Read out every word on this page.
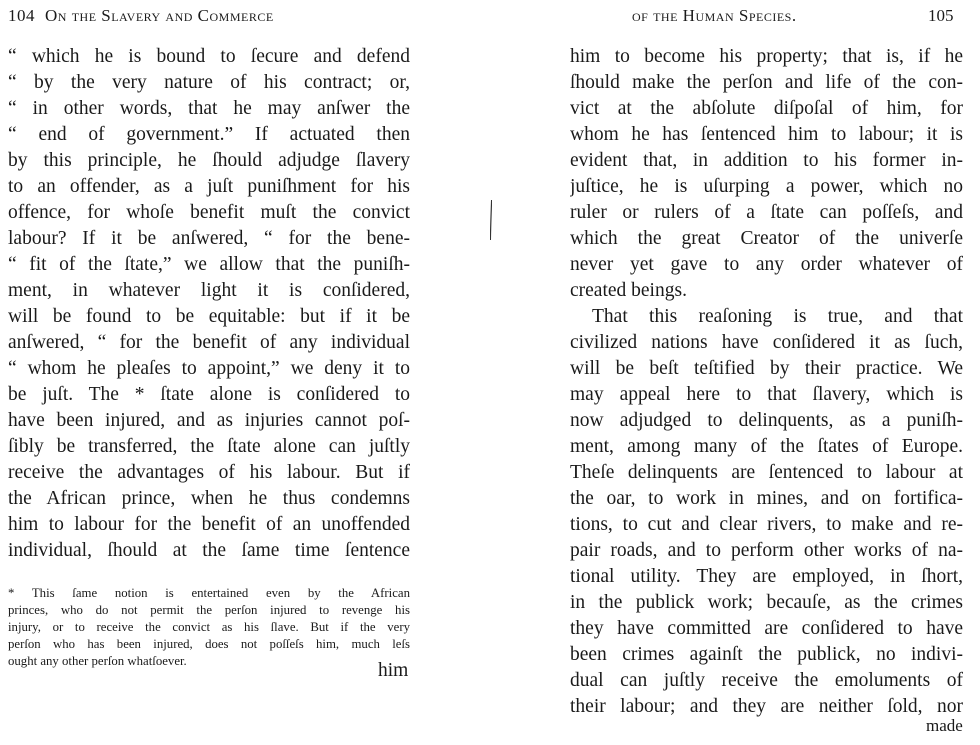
104 On the Slavery and Commerce
“ which he is bound to ſecure and defend
“ by the very nature of his contract; or,
“ in other words, that he may anſwer the
“ end of government.” If actuated then
by this principle, he ſhould adjudge ſlavery
to an offender, as a juſt puniſhment for his
offence, for whoſe benefit muſt the convict
labour? If it be anſwered, “ for the bene-
“ fit of the ſtate,” we allow that the puniſh-
ment, in whatever light it is conſidered,
will be found to be equitable: but if it be
anſwered, “ for the benefit of any individual
“ whom he pleaſes to appoint,” we deny it to
be juſt. The * ſtate alone is conſidered to
have been injured, and as injuries cannot poſ-
ſibly be transferred, the ſtate alone can juſtly
receive the advantages of his labour. But if
the African prince, when he thus condemns
him to labour for the benefit of an unoffended
individual, ſhould at the ſame time ſentence
* This ſame notion is entertained even by the African
princes, who do not permit the perſon injured to revenge his
injury, or to receive the convict as his ſlave. But if the very
perſon who has been injured, does not poſſeſs him, much leſs
ought any other perſon whatſoever.	him
of the Human Species.	105
him to become his property; that is, if he
ſhould make the perſon and life of the con-
vict at the abſolute diſpoſal of him, for
whom he has ſentenced him to labour; it is
evident that, in addition to his former in-
juſtice, he is uſurping a power, which no
ruler or rulers of a ſtate can poſſeſs, and
which the great Creator of the univerſe
never yet gave to any order whatever of
created beings.
That this reaſoning is true, and that
civilized nations have conſidered it as ſuch,
will be beſt teſtified by their practice. We
may appeal here to that ſlavery, which is
now adjudged to delinquents, as a puniſh-
ment, among many of the ſtates of Europe.
Theſe delinquents are ſentenced to labour at
the oar, to work in mines, and on fortifica-
tions, to cut and clear rivers, to make and re-
pair roads, and to perform other works of na-
tional utility. They are employed, in ſhort,
in the publick work; becauſe, as the crimes
they have committed are conſidered to have
been crimes againſt the publick, no indivi-
dual can juſtly receive the emoluments of
their labour; and they are neither ſold, nor
made
